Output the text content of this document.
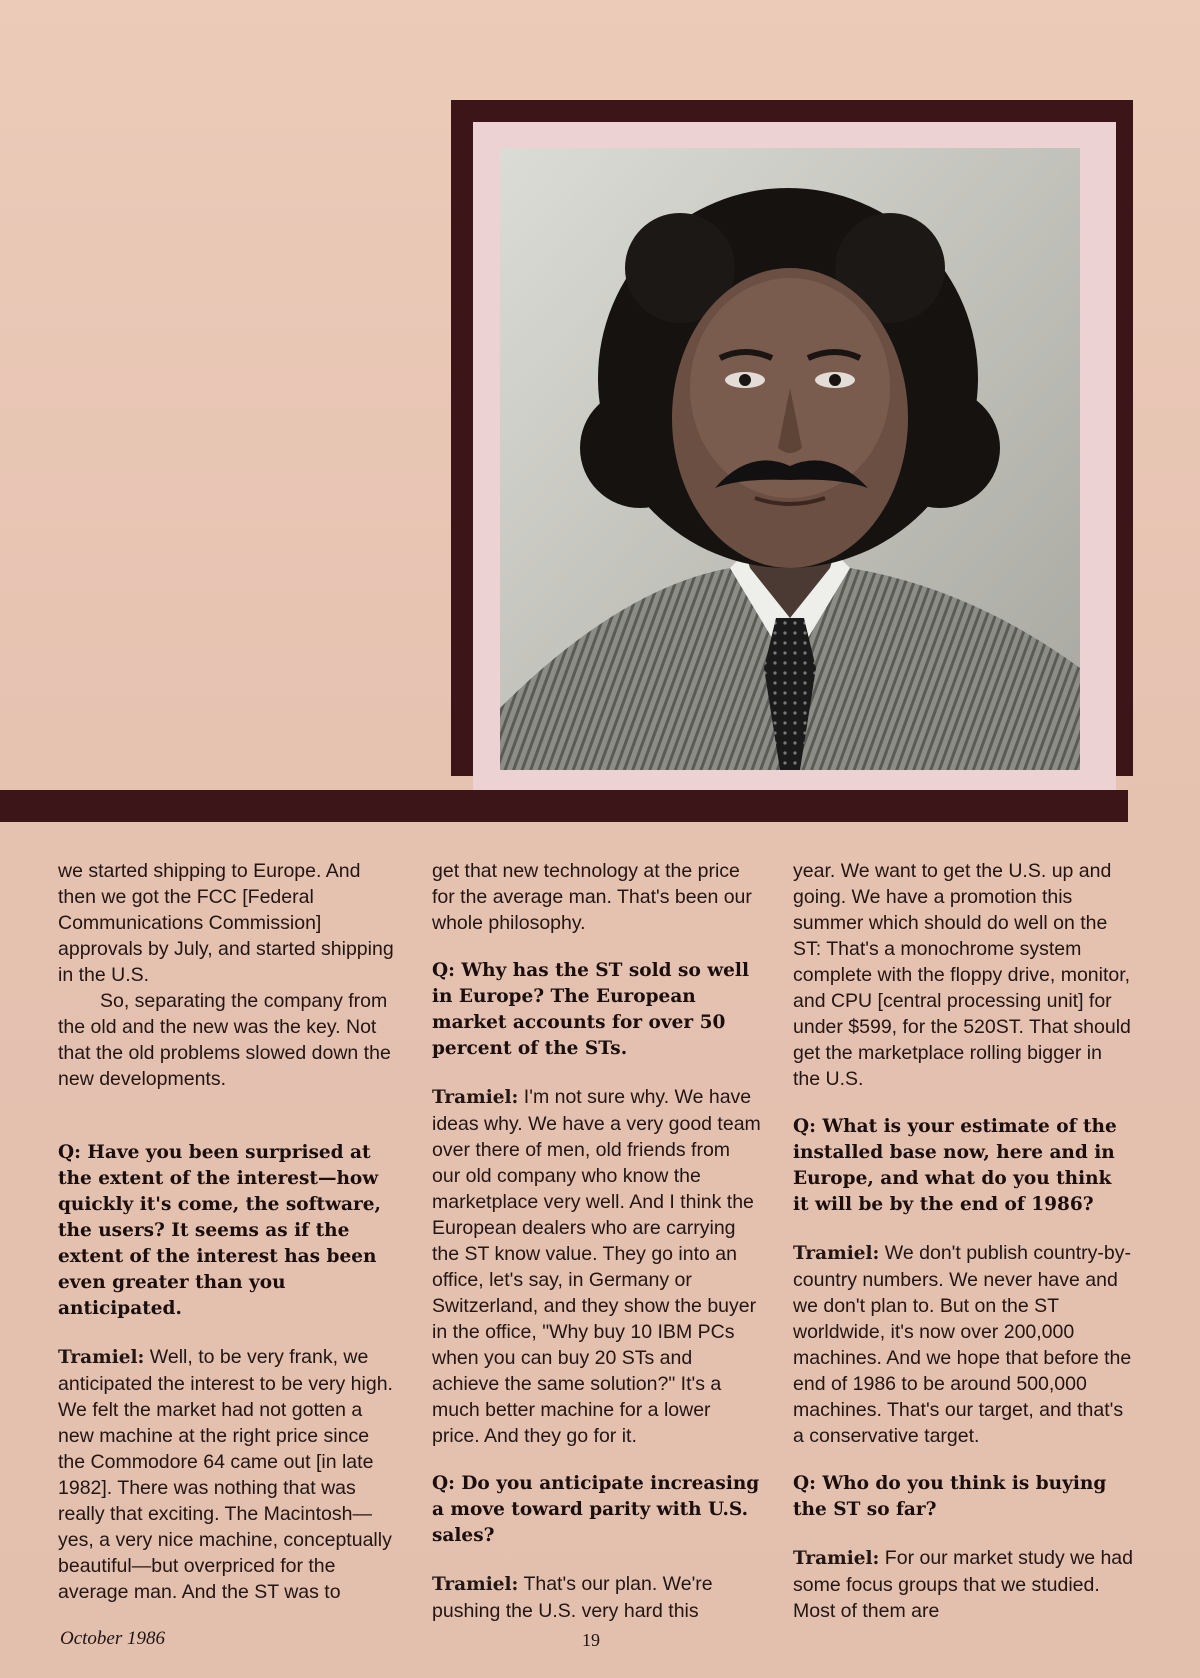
we started shipping to Europe. And then we got the FCC [Federal Communications Commission] approvals by July, and started shipping in the U.S.

So, separating the company from the old and the new was the key. Not that the old problems slowed down the new developments.

Q: Have you been surprised at the extent of the interest—how quickly it's come, the software, the users? It seems as if the extent of the interest has been even greater than you anticipated.

Tramiel: Well, to be very frank, we anticipated the interest to be very high. We felt the market had not gotten a new machine at the right price since the Commodore 64 came out [in late 1982]. There was nothing that was really that exciting. The Macintosh—yes, a very nice machine, conceptually beautiful—but overpriced for the average man. And the ST was to

get that new technology at the price for the average man. That's been our whole philosophy.

Q: Why has the ST sold so well in Europe? The European market accounts for over 50 percent of the STs.

Tramiel: I'm not sure why. We have ideas why. We have a very good team over there of men, old friends from our old company who know the marketplace very well. And I think the European dealers who are carrying the ST know value. They go into an office, let's say, in Germany or Switzerland, and they show the buyer in the office, "Why buy 10 IBM PCs when you can buy 20 STs and achieve the same solution?" It's a much better machine for a lower price. And they go for it.

Q: Do you anticipate increasing a move toward parity with U.S. sales?

Tramiel: That's our plan. We're pushing the U.S. very hard this

year. We want to get the U.S. up and going. We have a promotion this summer which should do well on the ST: That's a monochrome system complete with the floppy drive, monitor, and CPU [central processing unit] for under $599, for the 520ST. That should get the marketplace rolling bigger in the U.S.

Q: What is your estimate of the installed base now, here and in Europe, and what do you think it will be by the end of 1986?

Tramiel: We don't publish country-by-country numbers. We never have and we don't plan to. But on the ST worldwide, it's now over 200,000 machines. And we hope that before the end of 1986 to be around 500,000 machines. That's our target, and that's a conservative target.

Q: Who do you think is buying the ST so far?

Tramiel: For our market study we had some focus groups that we studied. Most of them are

October 1986	19
